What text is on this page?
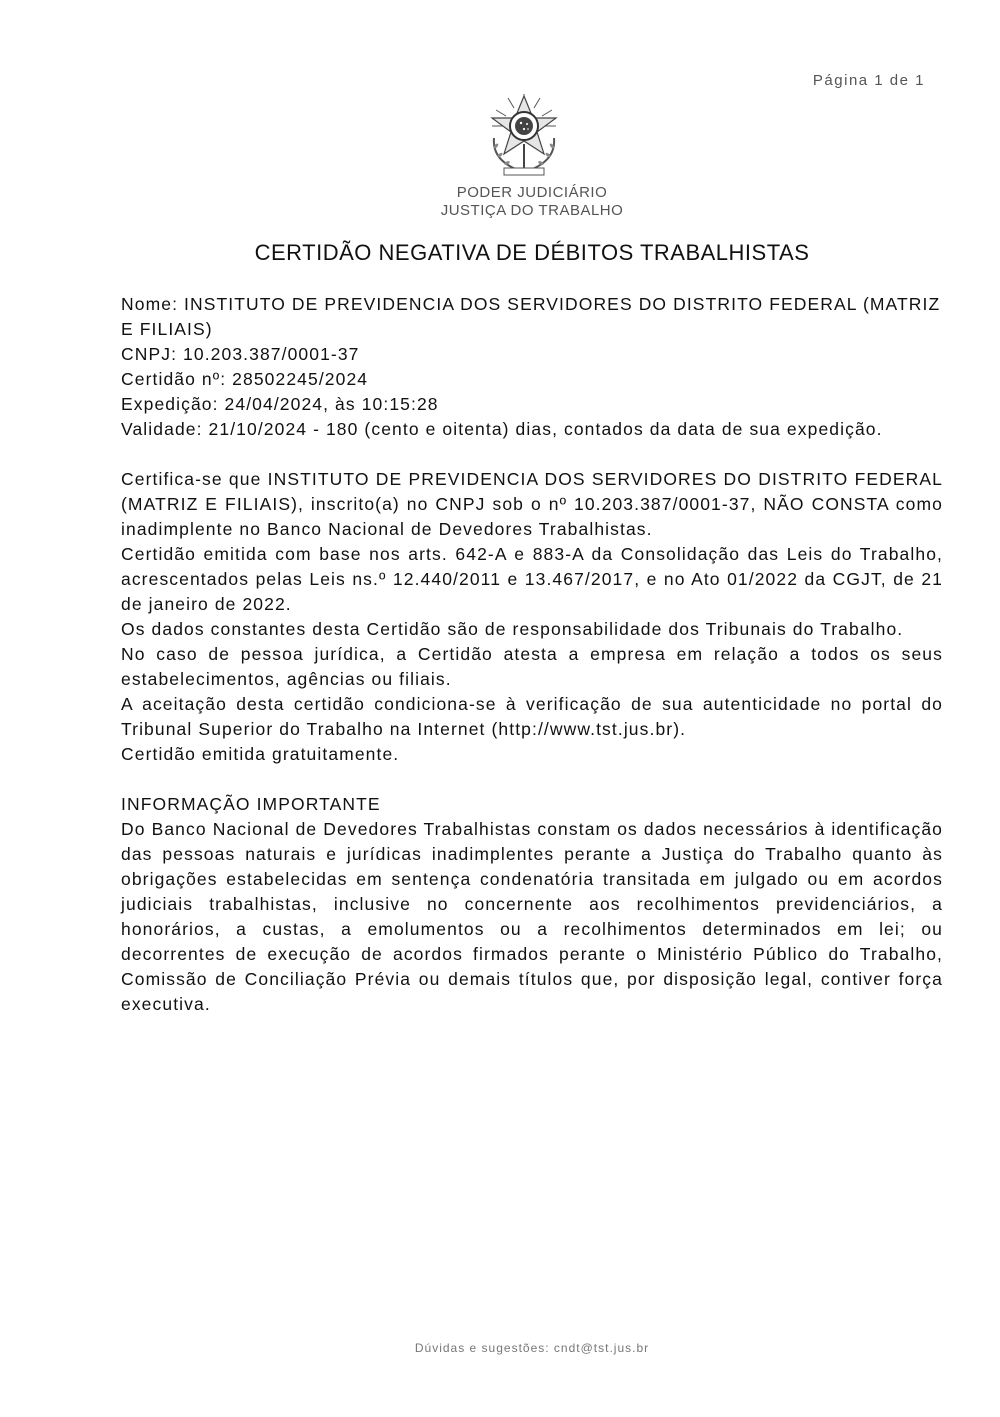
Página 1 de 1
PODER JUDICIÁRIO
JUSTIÇA DO TRABALHO
CERTIDÃO NEGATIVA DE DÉBITOS TRABALHISTAS

Nome: INSTITUTO DE PREVIDENCIA DOS SERVIDORES DO DISTRITO FEDERAL (MATRIZ E FILIAIS)

CNPJ: 10.203.387/0001-37

Certidão nº: 28502245/2024

Expedição: 24/04/2024, às 10:15:28

Validade: 21/10/2024 - 180 (cento e oitenta) dias, contados da data de sua expedição.

Certifica-se que INSTITUTO DE PREVIDENCIA DOS SERVIDORES DO DISTRITO FEDERAL (MATRIZ E FILIAIS), inscrito(a) no CNPJ sob o nº 10.203.387/0001-37, NÃO CONSTA como inadimplente no Banco Nacional de Devedores Trabalhistas.

Certidão emitida com base nos arts. 642-A e 883-A da Consolidação das Leis do Trabalho, acrescentados pelas Leis ns.º 12.440/2011 e 13.467/2017, e no Ato 01/2022 da CGJT, de 21 de janeiro de 2022.

Os dados constantes desta Certidão são de responsabilidade dos Tribunais do Trabalho.

No caso de pessoa jurídica, a Certidão atesta a empresa em relação a todos os seus estabelecimentos, agências ou filiais.

A aceitação desta certidão condiciona-se à verificação de sua autenticidade no portal do Tribunal Superior do Trabalho na Internet (http://www.tst.jus.br).

Certidão emitida gratuitamente.

INFORMAÇÃO IMPORTANTE

Do Banco Nacional de Devedores Trabalhistas constam os dados necessários à identificação das pessoas naturais e jurídicas inadimplentes perante a Justiça do Trabalho quanto às obrigações estabelecidas em sentença condenatória transitada em julgado ou em acordos judiciais trabalhistas, inclusive no concernente aos recolhimentos previdenciários, a honorários, a custas, a emolumentos ou a recolhimentos determinados em lei; ou decorrentes de execução de acordos firmados perante o Ministério Público do Trabalho, Comissão de Conciliação Prévia ou demais títulos que, por disposição legal, contiver força executiva.

Dúvidas e sugestões: cndt@tst.jus.br
